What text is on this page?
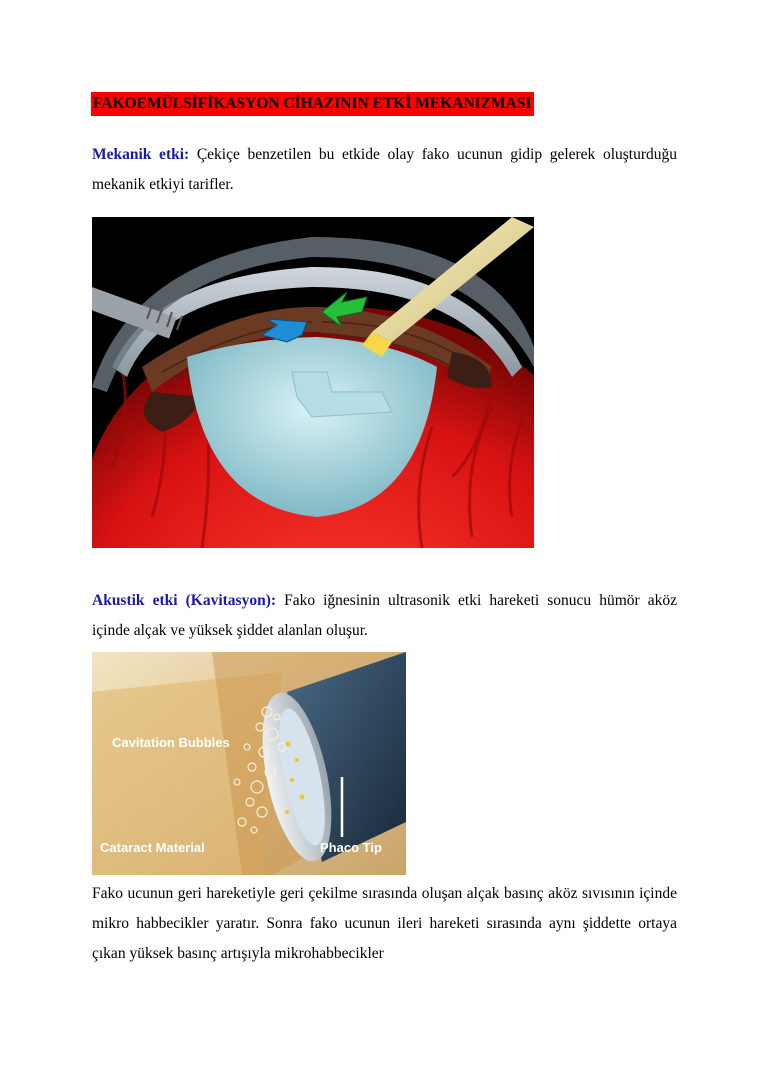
FAKOEMÜLSİFİKASYON CİHAZININ ETKİ MEKANIZMASI

Mekanik etki: Çekiçe benzetilen bu etkide olay fako ucunun gidip gelerek oluşturduğu mekanik etkiyi tarifler.

Akustik etki (Kavitasyon): Fako iğnesinin ultrasonik etki hareketi sonucu hümör aköz içinde alçak ve yüksek şiddet alanlan oluşur.

Cavitation Bubbles
Cataract Material	Phaco Tip

Fako ucunun geri hareketiyle geri çekilme sırasında oluşan alçak basınç aköz sıvısının içinde mikro habbecikler yaratır. Sonra fako ucunun ileri hareketi sırasında aynı şiddette ortaya çıkan yüksek basınç artışıyla mikrohabbecikler
